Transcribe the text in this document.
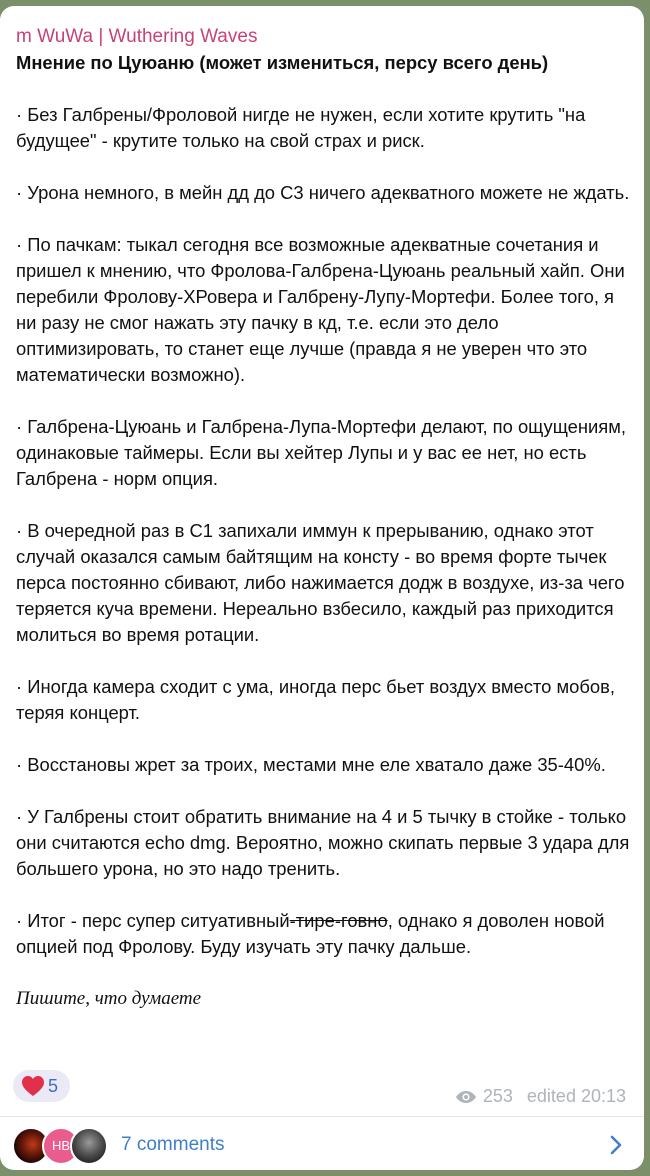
m WuWa | Wuthering Waves

Мнение по Цуюаню (может измениться, персу всего день)

· Без Галбрены/Фроловой нигде не нужен, если хотите крутить "на будущее" - крутите только на свой страх и риск.

· Урона немного, в мейн дд до С3 ничего адекватного можете не ждать.

· По пачкам: тыкал сегодня все возможные адекватные сочетания и пришел к мнению, что Фролова-Галбрена-Цуюань реальный хайп. Они перебили Фролову-ХРовера и Галбрену-Лупу-Мортефи. Более того, я ни разу не смог нажать эту пачку в кд, т.е. если это дело оптимизировать, то станет еще лучше (правда я не уверен что это математически возможно).

· Галбрена-Цуюань и Галбрена-Лупа-Мортефи делают, по ощущениям, одинаковые таймеры. Если вы хейтер Лупы и у вас ее нет, но есть Галбрена - норм опция.

· В очередной раз в С1 запихали иммун к прерыванию, однако этот случай оказался самым байтящим на консту - во время форте тычек перса постоянно сбивают, либо нажимается додж в воздухе, из-за чего теряется куча времени. Нереально взбесило, каждый раз приходится молиться во время ротации.

· Иногда камера сходит с ума, иногда перс бьет воздух вместо мобов, теряя концерт.

· Восстановы жрет за троих, местами мне еле хватало даже 35-40%.

· У Галбрены стоит обратить внимание на 4 и 5 тычку в стойке - только они считаются echo dmg. Вероятно, можно скипать первые 3 удара для большего урона, но это надо тренить.

· Итог - перс супер ситуативный-тире-говно, однако я доволен новой опцией под Фролову. Буду изучать эту пачку дальше.

Пишите, что думаете

5
253 edited 20:13
НВ	7 comments
